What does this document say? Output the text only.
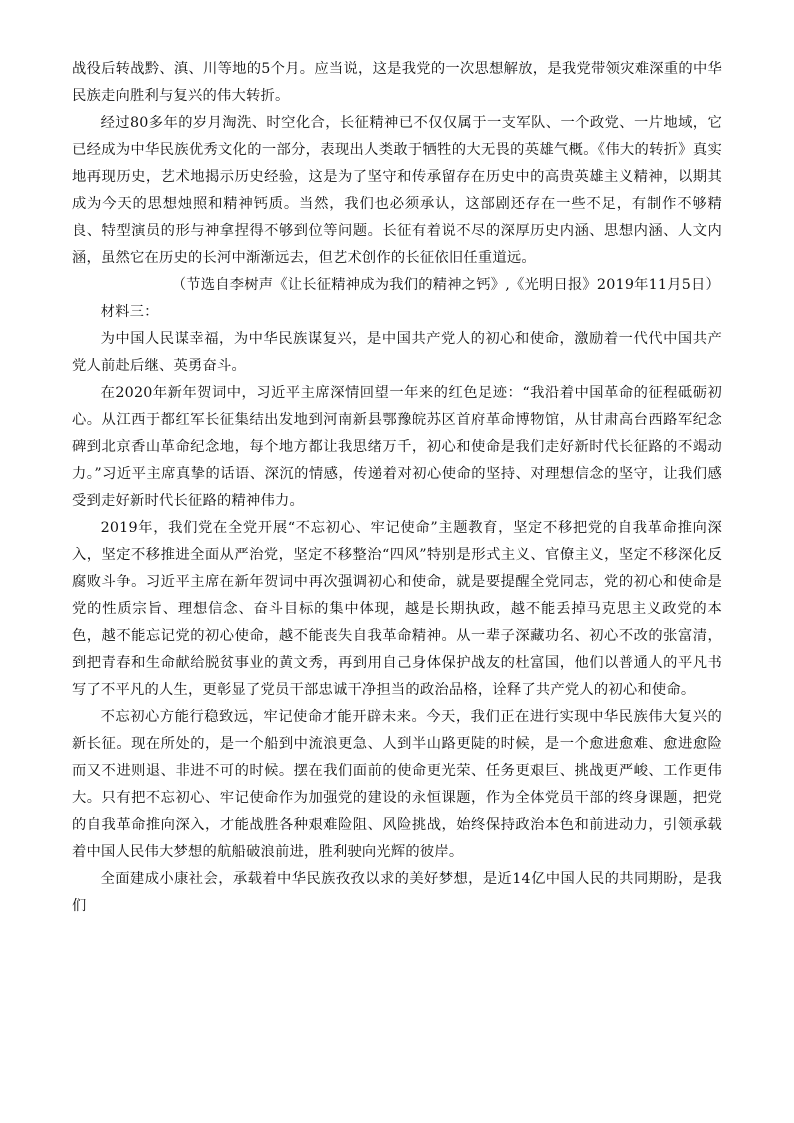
战役后转战黔、滇、川等地的5个月。应当说，这是我党的一次思想解放，是我党带领灾难深重的中华民族走向胜利与复兴的伟大转折。

经过80多年的岁月淘洗、时空化合，长征精神已不仅仅属于一支军队、一个政党、一片地域，它已经成为中华民族优秀文化的一部分，表现出人类敢于牺牲的大无畏的英雄气概。《伟大的转折》真实地再现历史，艺术地揭示历史经验，这是为了坚守和传承留存在历史中的高贵英雄主义精神，以期其成为今天的思想烛照和精神钙质。当然，我们也必须承认，这部剧还存在一些不足，有制作不够精良、特型演员的形与神拿捏得不够到位等问题。长征有着说不尽的深厚历史内涵、思想内涵、人文内涵，虽然它在历史的长河中渐渐远去，但艺术创作的长征依旧任重道远。

（节选自李树声《让长征精神成为我们的精神之钙》,《光明日报》2019年11月5日）

材料三：

为中国人民谋幸福，为中华民族谋复兴，是中国共产党人的初心和使命，激励着一代代中国共产党人前赴后继、英勇奋斗。

在2020年新年贺词中，习近平主席深情回望一年来的红色足迹：“我沿着中国革命的征程砥砺初心。从江西于都红军长征集结出发地到河南新县鄂豫皖苏区首府革命博物馆，从甘肃高台西路军纪念碑到北京香山革命纪念地，每个地方都让我思绪万千，初心和使命是我们走好新时代长征路的不竭动力。”习近平主席真挚的话语、深沉的情感，传递着对初心使命的坚持、对理想信念的坚守，让我们感受到走好新时代长征路的精神伟力。

2019年，我们党在全党开展“不忘初心、牢记使命”主题教育，坚定不移把党的自我革命推向深入，坚定不移推进全面从严治党，坚定不移整治“四风”特别是形式主义、官僚主义，坚定不移深化反腐败斗争。习近平主席在新年贺词中再次强调初心和使命，就是要提醒全党同志，党的初心和使命是党的性质宗旨、理想信念、奋斗目标的集中体现，越是长期执政，越不能丢掉马克思主义政党的本色，越不能忘记党的初心使命，越不能丧失自我革命精神。从一辈子深藏功名、初心不改的张富清，到把青春和生命献给脱贫事业的黄文秀，再到用自己身体保护战友的杜富国，他们以普通人的平凡书写了不平凡的人生，更彰显了党员干部忠诚干净担当的政治品格，诠释了共产党人的初心和使命。

不忘初心方能行稳致远，牢记使命才能开辟未来。今天，我们正在进行实现中华民族伟大复兴的新长征。现在所处的，是一个船到中流浪更急、人到半山路更陡的时候，是一个愈进愈难、愈进愈险而又不进则退、非进不可的时候。摆在我们面前的使命更光荣、任务更艰巨、挑战更严峻、工作更伟大。只有把不忘初心、牢记使命作为加强党的建设的永恒课题，作为全体党员干部的终身课题，把党的自我革命推向深入，才能战胜各种艰难险阻、风险挑战，始终保持政治本色和前进动力，引领承载着中国人民伟大梦想的航船破浪前进，胜利驶向光辉的彼岸。

全面建成小康社会，承载着中华民族孜孜以求的美好梦想，是近14亿中国人民的共同期盼，是我们
